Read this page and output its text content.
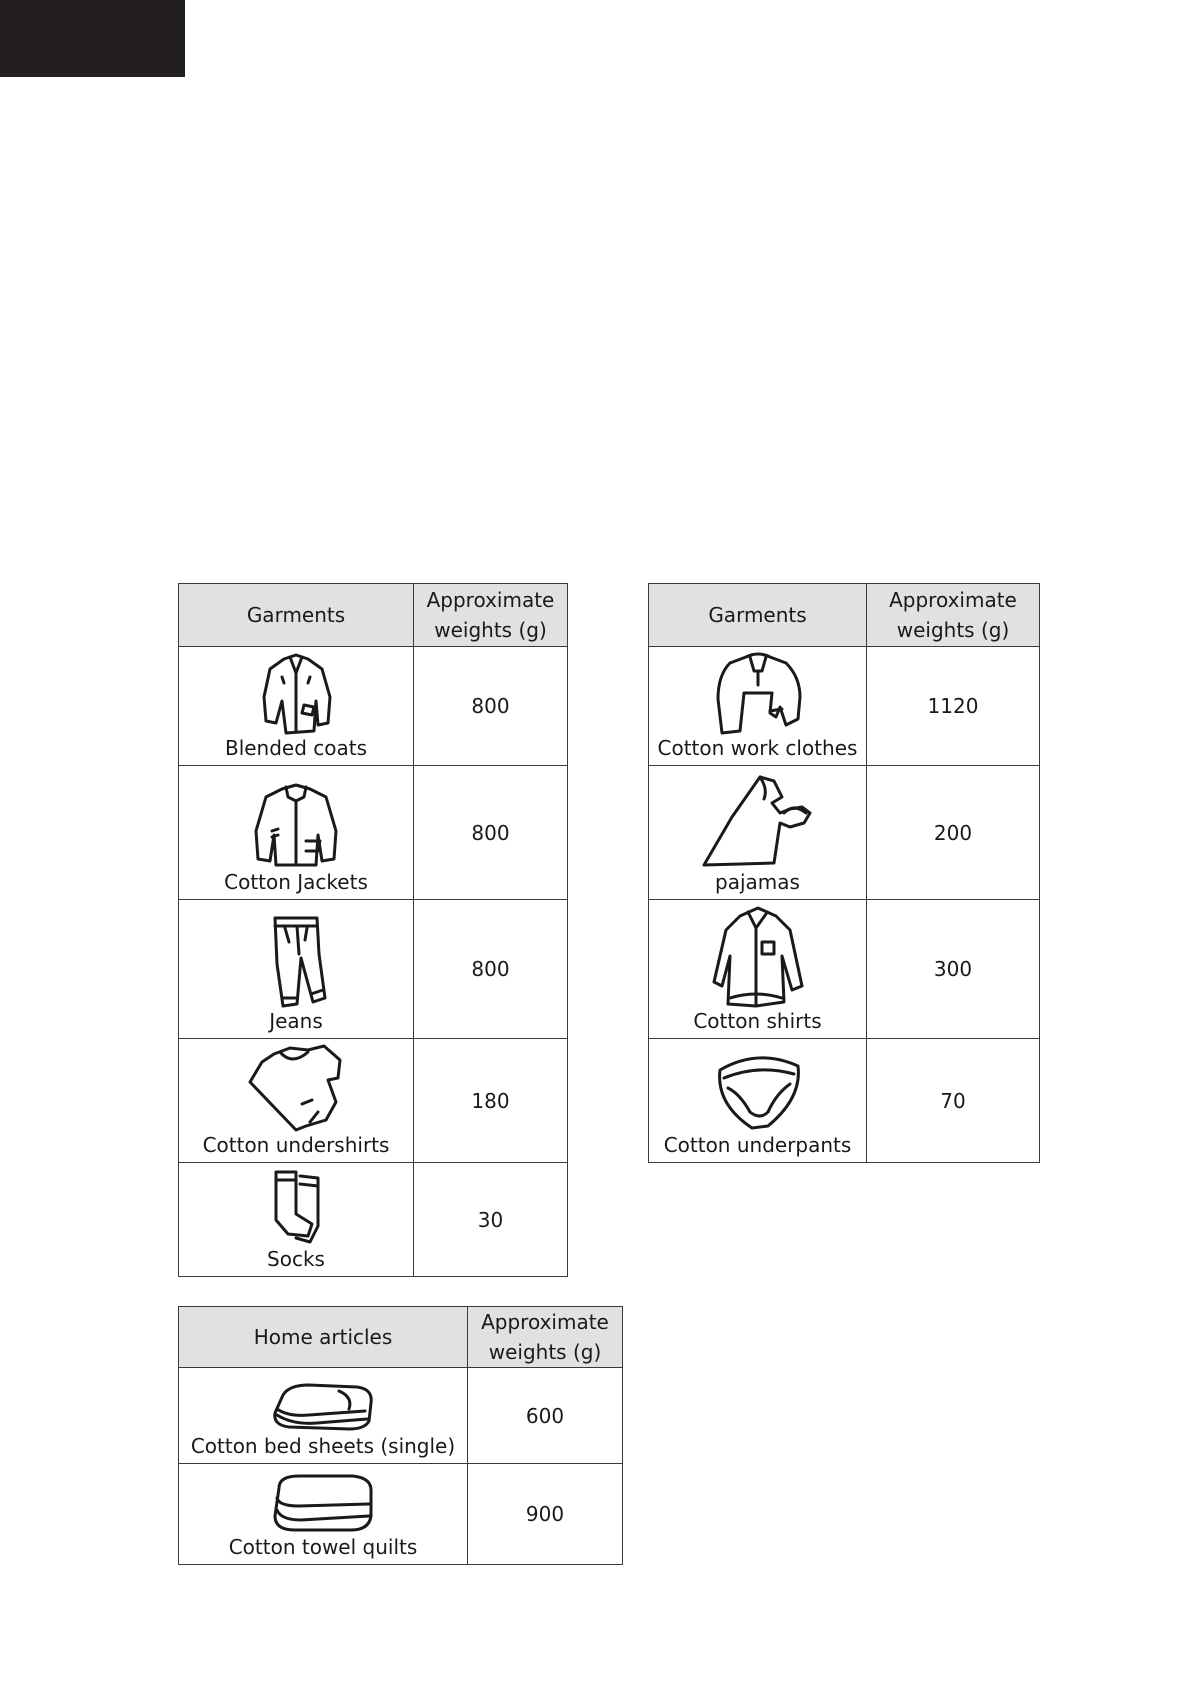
Garments	Approximate
weights (g)

Blended coats	800

Cotton Jackets	800

Jeans	800

Cotton undershirts	180

Socks	30
Garments	Approximate
weights (g)

Cotton work clothes	1120

pajamas	200

Cotton shirts	300

Cotton underpants	70
Home articles	Approximate
weights (g)

Cotton bed sheets (single)	600

Cotton towel quilts	900
